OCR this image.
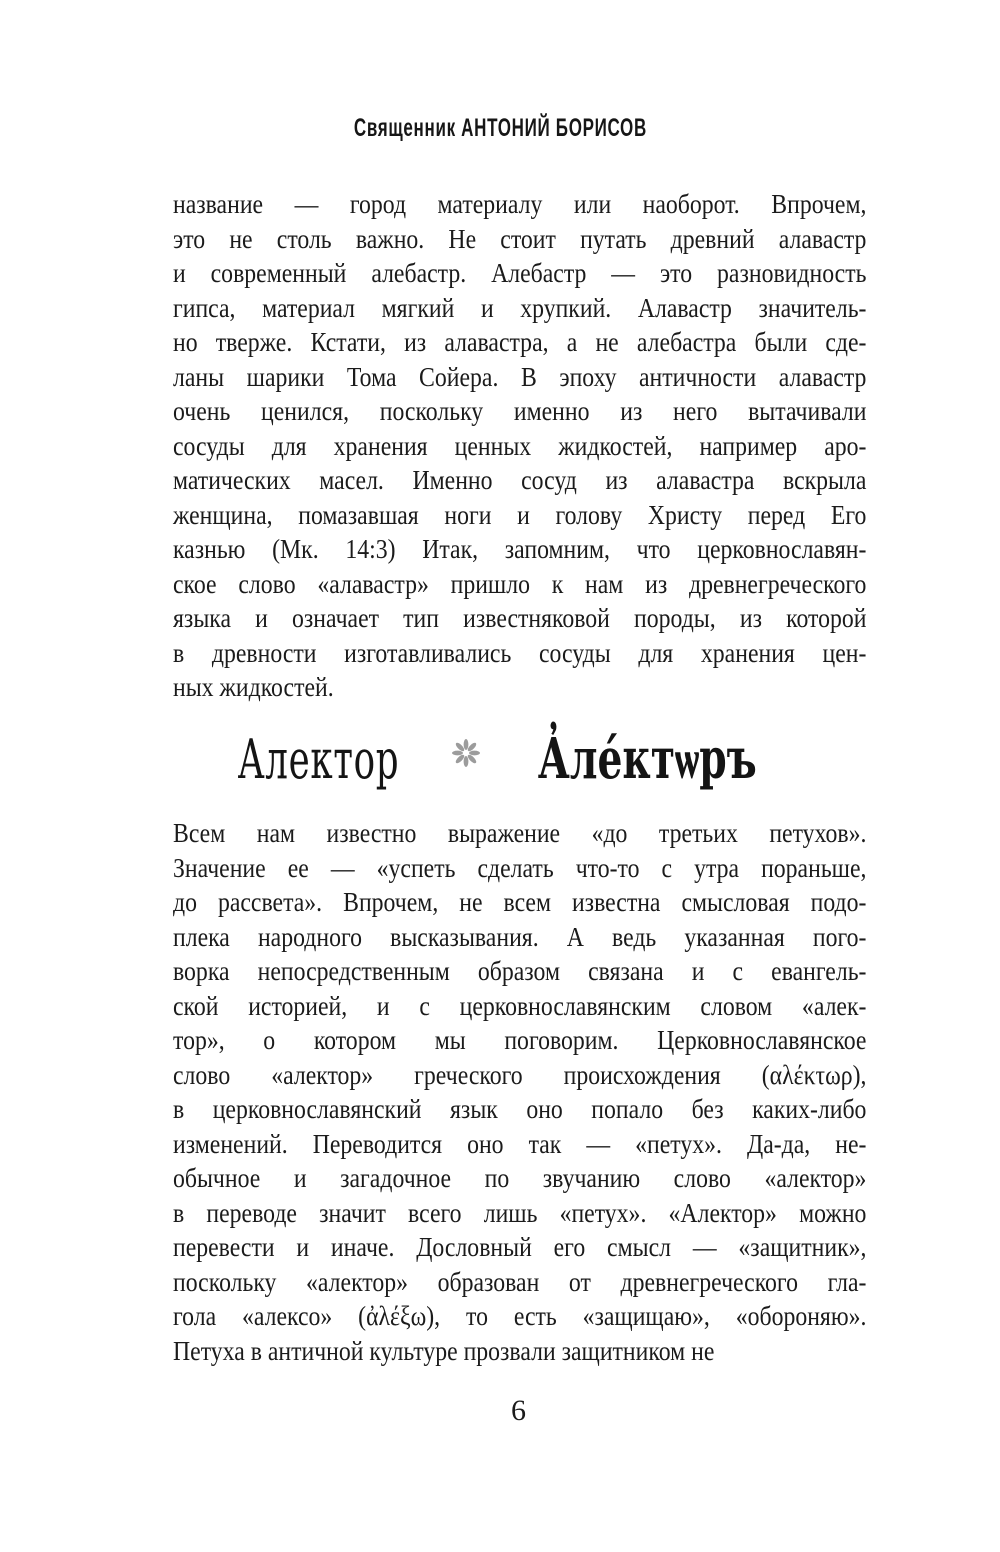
Священник АНТОНИЙ БОРИСОВ
название — город материалу или наоборот. Впрочем,
это не столь важно. Не стоит путать древний алавастр
и современный алебастр. Алебастр — это разновидность
гипса, материал мягкий и хрупкий. Алавастр значитель-
но тверже. Кстати, из алавастра, а не алебастра были сде-
ланы шарики Тома Сойера. В эпоху античности алавастр
очень ценился, поскольку именно из него вытачивали
сосуды для хранения ценных жидкостей, например аро-
матических масел. Именно сосуд из алавастра вскрыла
женщина, помазавшая ноги и голову Христу перед Его
казнью (Мк. 14:3) Итак, запомним, что церковнославян-
ское слово «алавастр» пришло к нам из древнегреческого
языка и означает тип известняковой породы, из которой
в древности изготавливались сосуды для хранения цен-
ных жидкостей.
Алектор А̓ле́ктѡръ
Всем нам известно выражение «до третьих петухов».
Значение ее — «успеть сделать что-то с утра пораньше,
до рассвета». Впрочем, не всем известна смысловая подо-
плека народного высказывания. А ведь указанная пого-
ворка непосредственным образом связана и с евангель-
ской историей, и с церковнославянским словом «алек-
тор», о котором мы поговорим. Церковнославянское
слово «алектор» греческого происхождения (αλέκτωρ),
в церковнославянский язык оно попало без каких-либо
изменений. Переводится оно так — «петух». Да-да, не-
обычное и загадочное по звучанию слово «алектор»
в переводе значит всего лишь «петух». «Алектор» можно
перевести и иначе. Дословный его смысл — «защитник»,
поскольку «алектор» образован от древнегреческого гла-
гола «алексо» (ἀλέξω), то есть «защищаю», «обороняю».
Петуха в античной культуре прозвали защитником не
6
